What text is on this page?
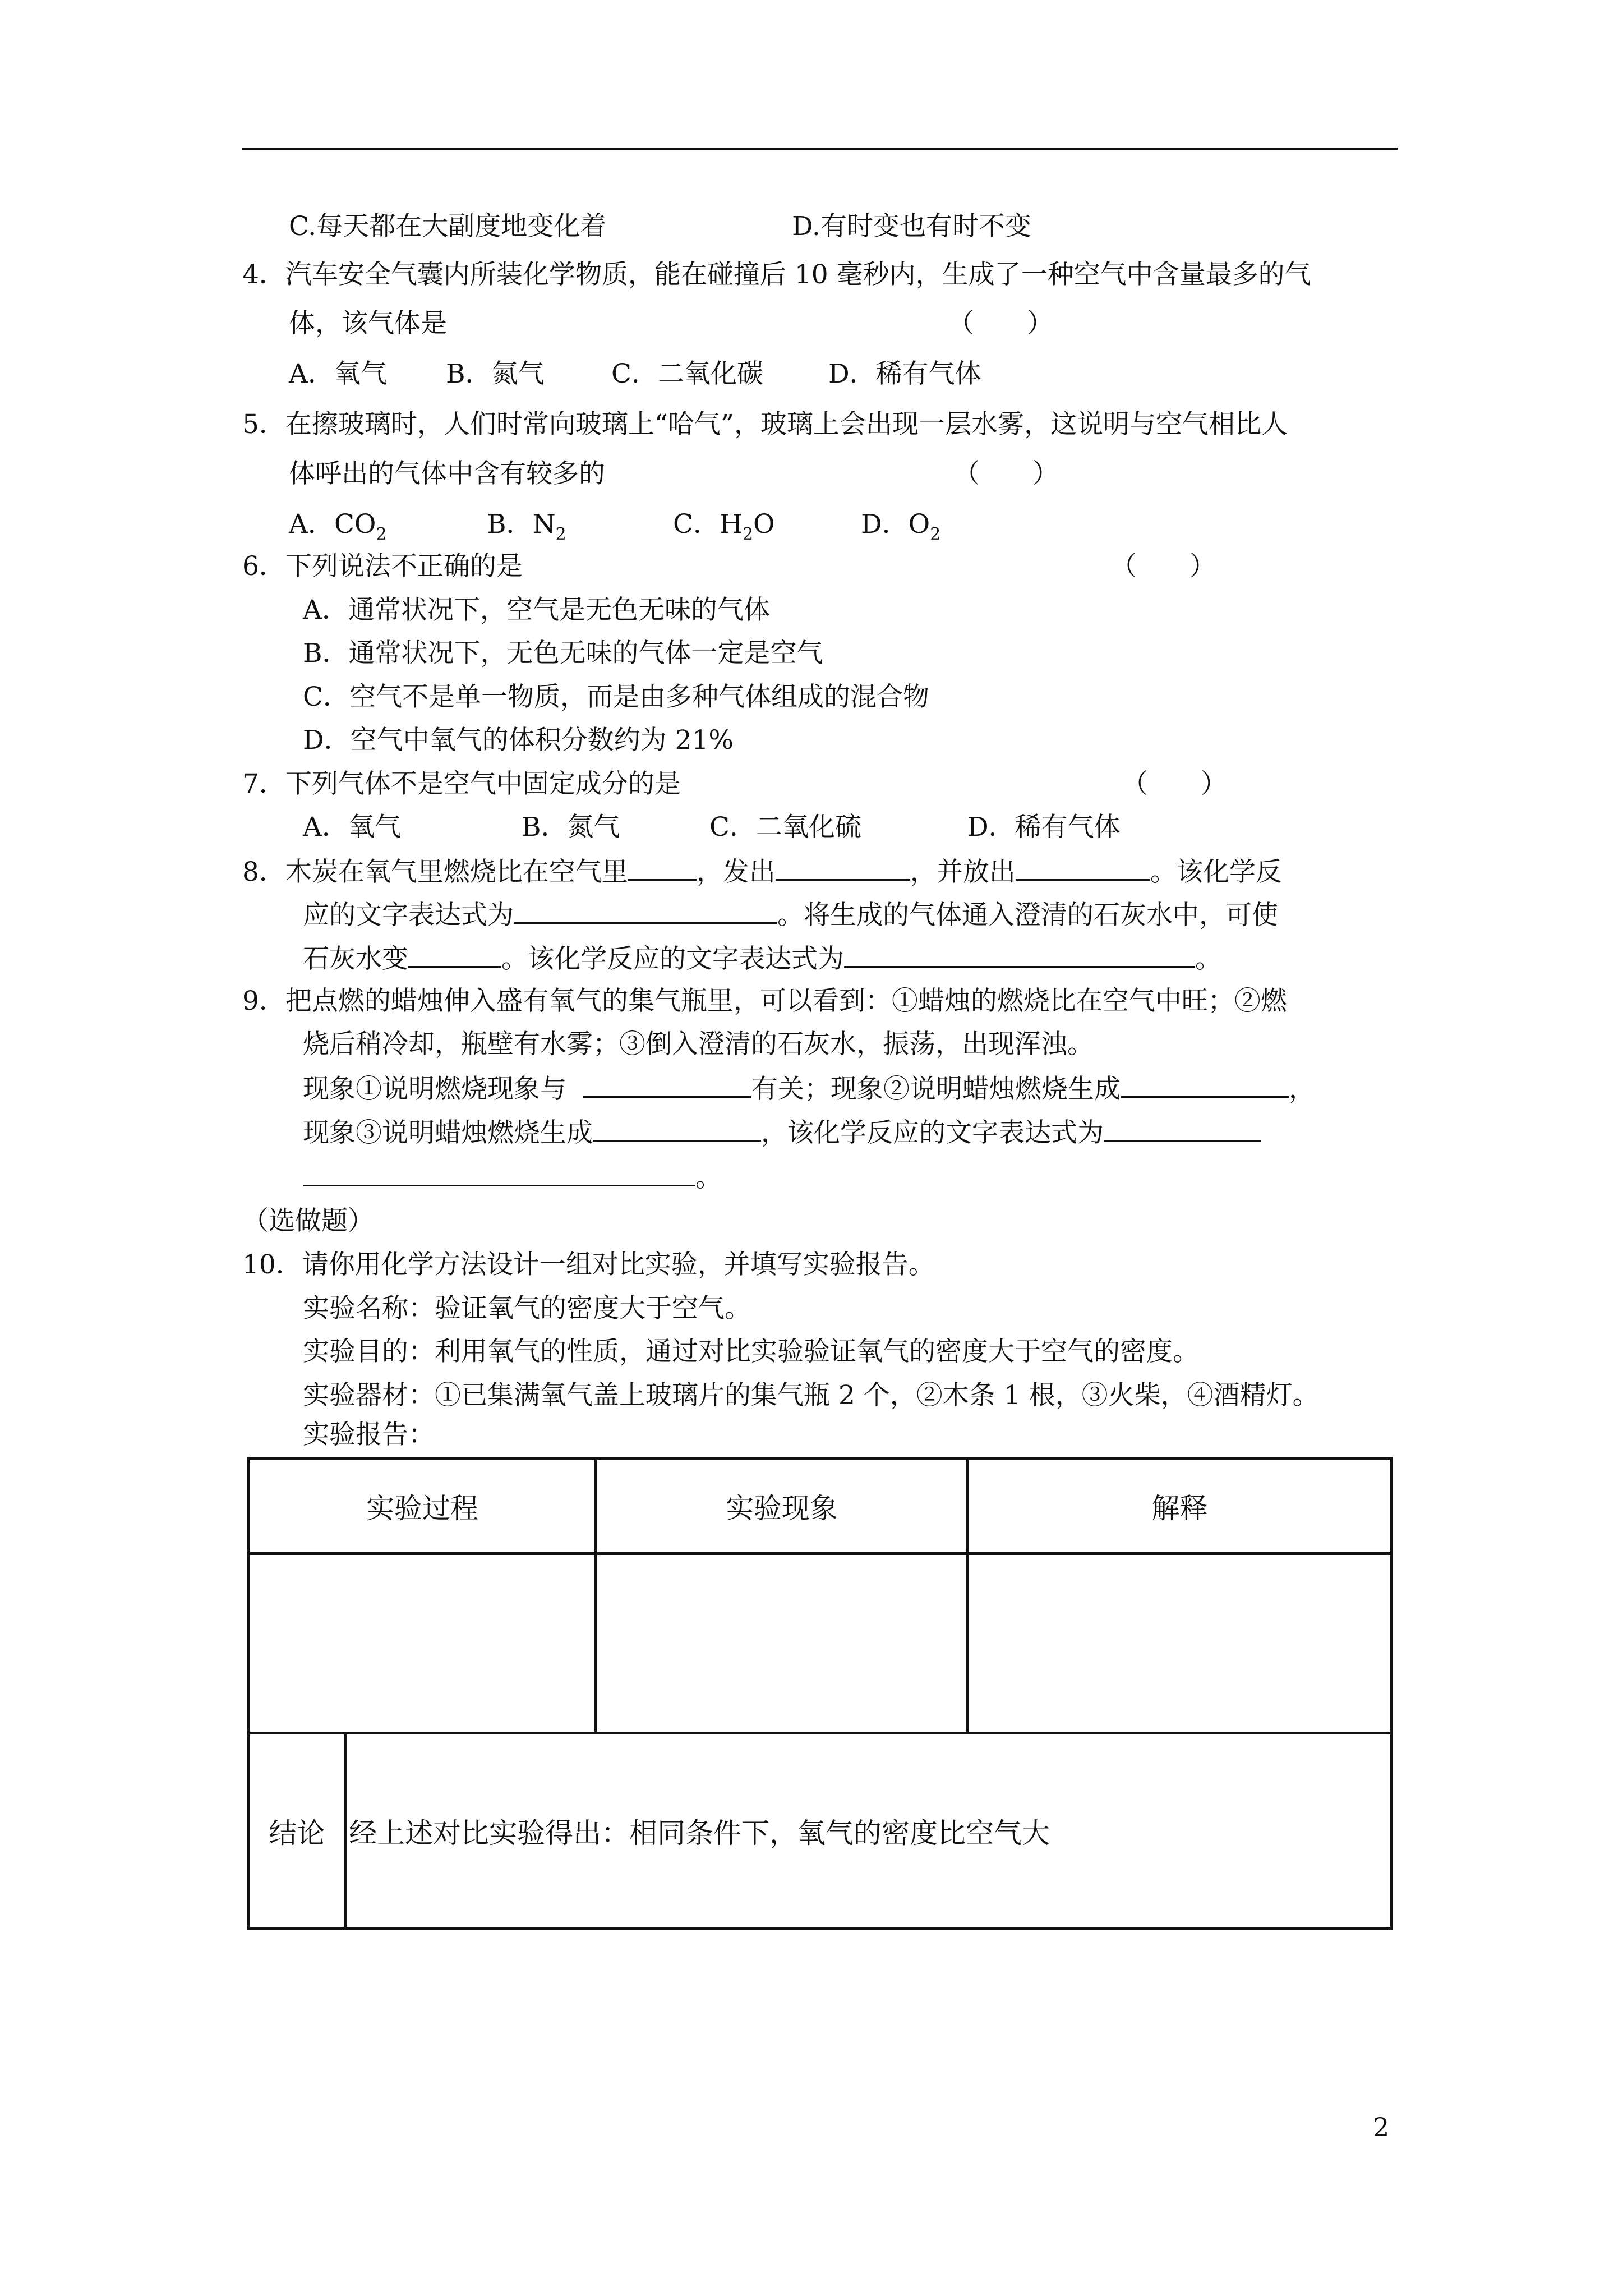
C.每天都在大副度地变化着	D.有时变也有时不变
4．汽车安全气囊内所装化学物质，能在碰撞后 10 毫秒内，生成了一种空气中含量最多的气
体，该气体是	（　　）
A．氧气 B．氮气	C．二氧化碳 D．稀有气体
5．在擦玻璃时，人们时常向玻璃上“哈气”，玻璃上会出现一层水雾，这说明与空气相比人
体呼出的气体中含有较多的	（　　）
A．$CO_2$	B．$N_2$	C．$H_2O$	D．$O_2$
6．下列说法不正确的是	（　　）
A．通常状况下，空气是无色无味的气体
B．通常状况下，无色无味的气体一定是空气
C．空气不是单一物质，而是由多种气体组成的混合物
D．空气中氧气的体积分数约为 21%
7．下列气体不是空气中固定成分的是	（　　）
A．氧气	B．氮气	C．二氧化硫	D．稀有气体
8．木炭在氧气里燃烧比在空气里	，发出	，并放出	。该化学反
应的文字表达式为	。将生成的气体通入澄清的石灰水中，可使
石灰水变	。该化学反应的文字表达式为	。
9．把点燃的蜡烛伸入盛有氧气的集气瓶里，可以看到：①蜡烛的燃烧比在空气中旺；②燃
烧后稍冷却，瓶壁有水雾；③倒入澄清的石灰水，振荡，出现浑浊。
现象①说明燃烧现象与	有关；现象②说明蜡烛燃烧生成	，
现象③说明蜡烛燃烧生成	，该化学反应的文字表达式为
。
（选做题）
10．请你用化学方法设计一组对比实验，并填写实验报告。
实验名称：验证氧气的密度大于空气。
实验目的：利用氧气的性质，通过对比实验验证氧气的密度大于空气的密度。
实验器材：①已集满氧气盖上玻璃片的集气瓶 2 个，②木条 1 根，③火柴，④酒精灯。
实验报告：
实验过程		实验现象	解释

结论	经上述对比实验得出：相同条件下，氧气的密度比空气大		
2
